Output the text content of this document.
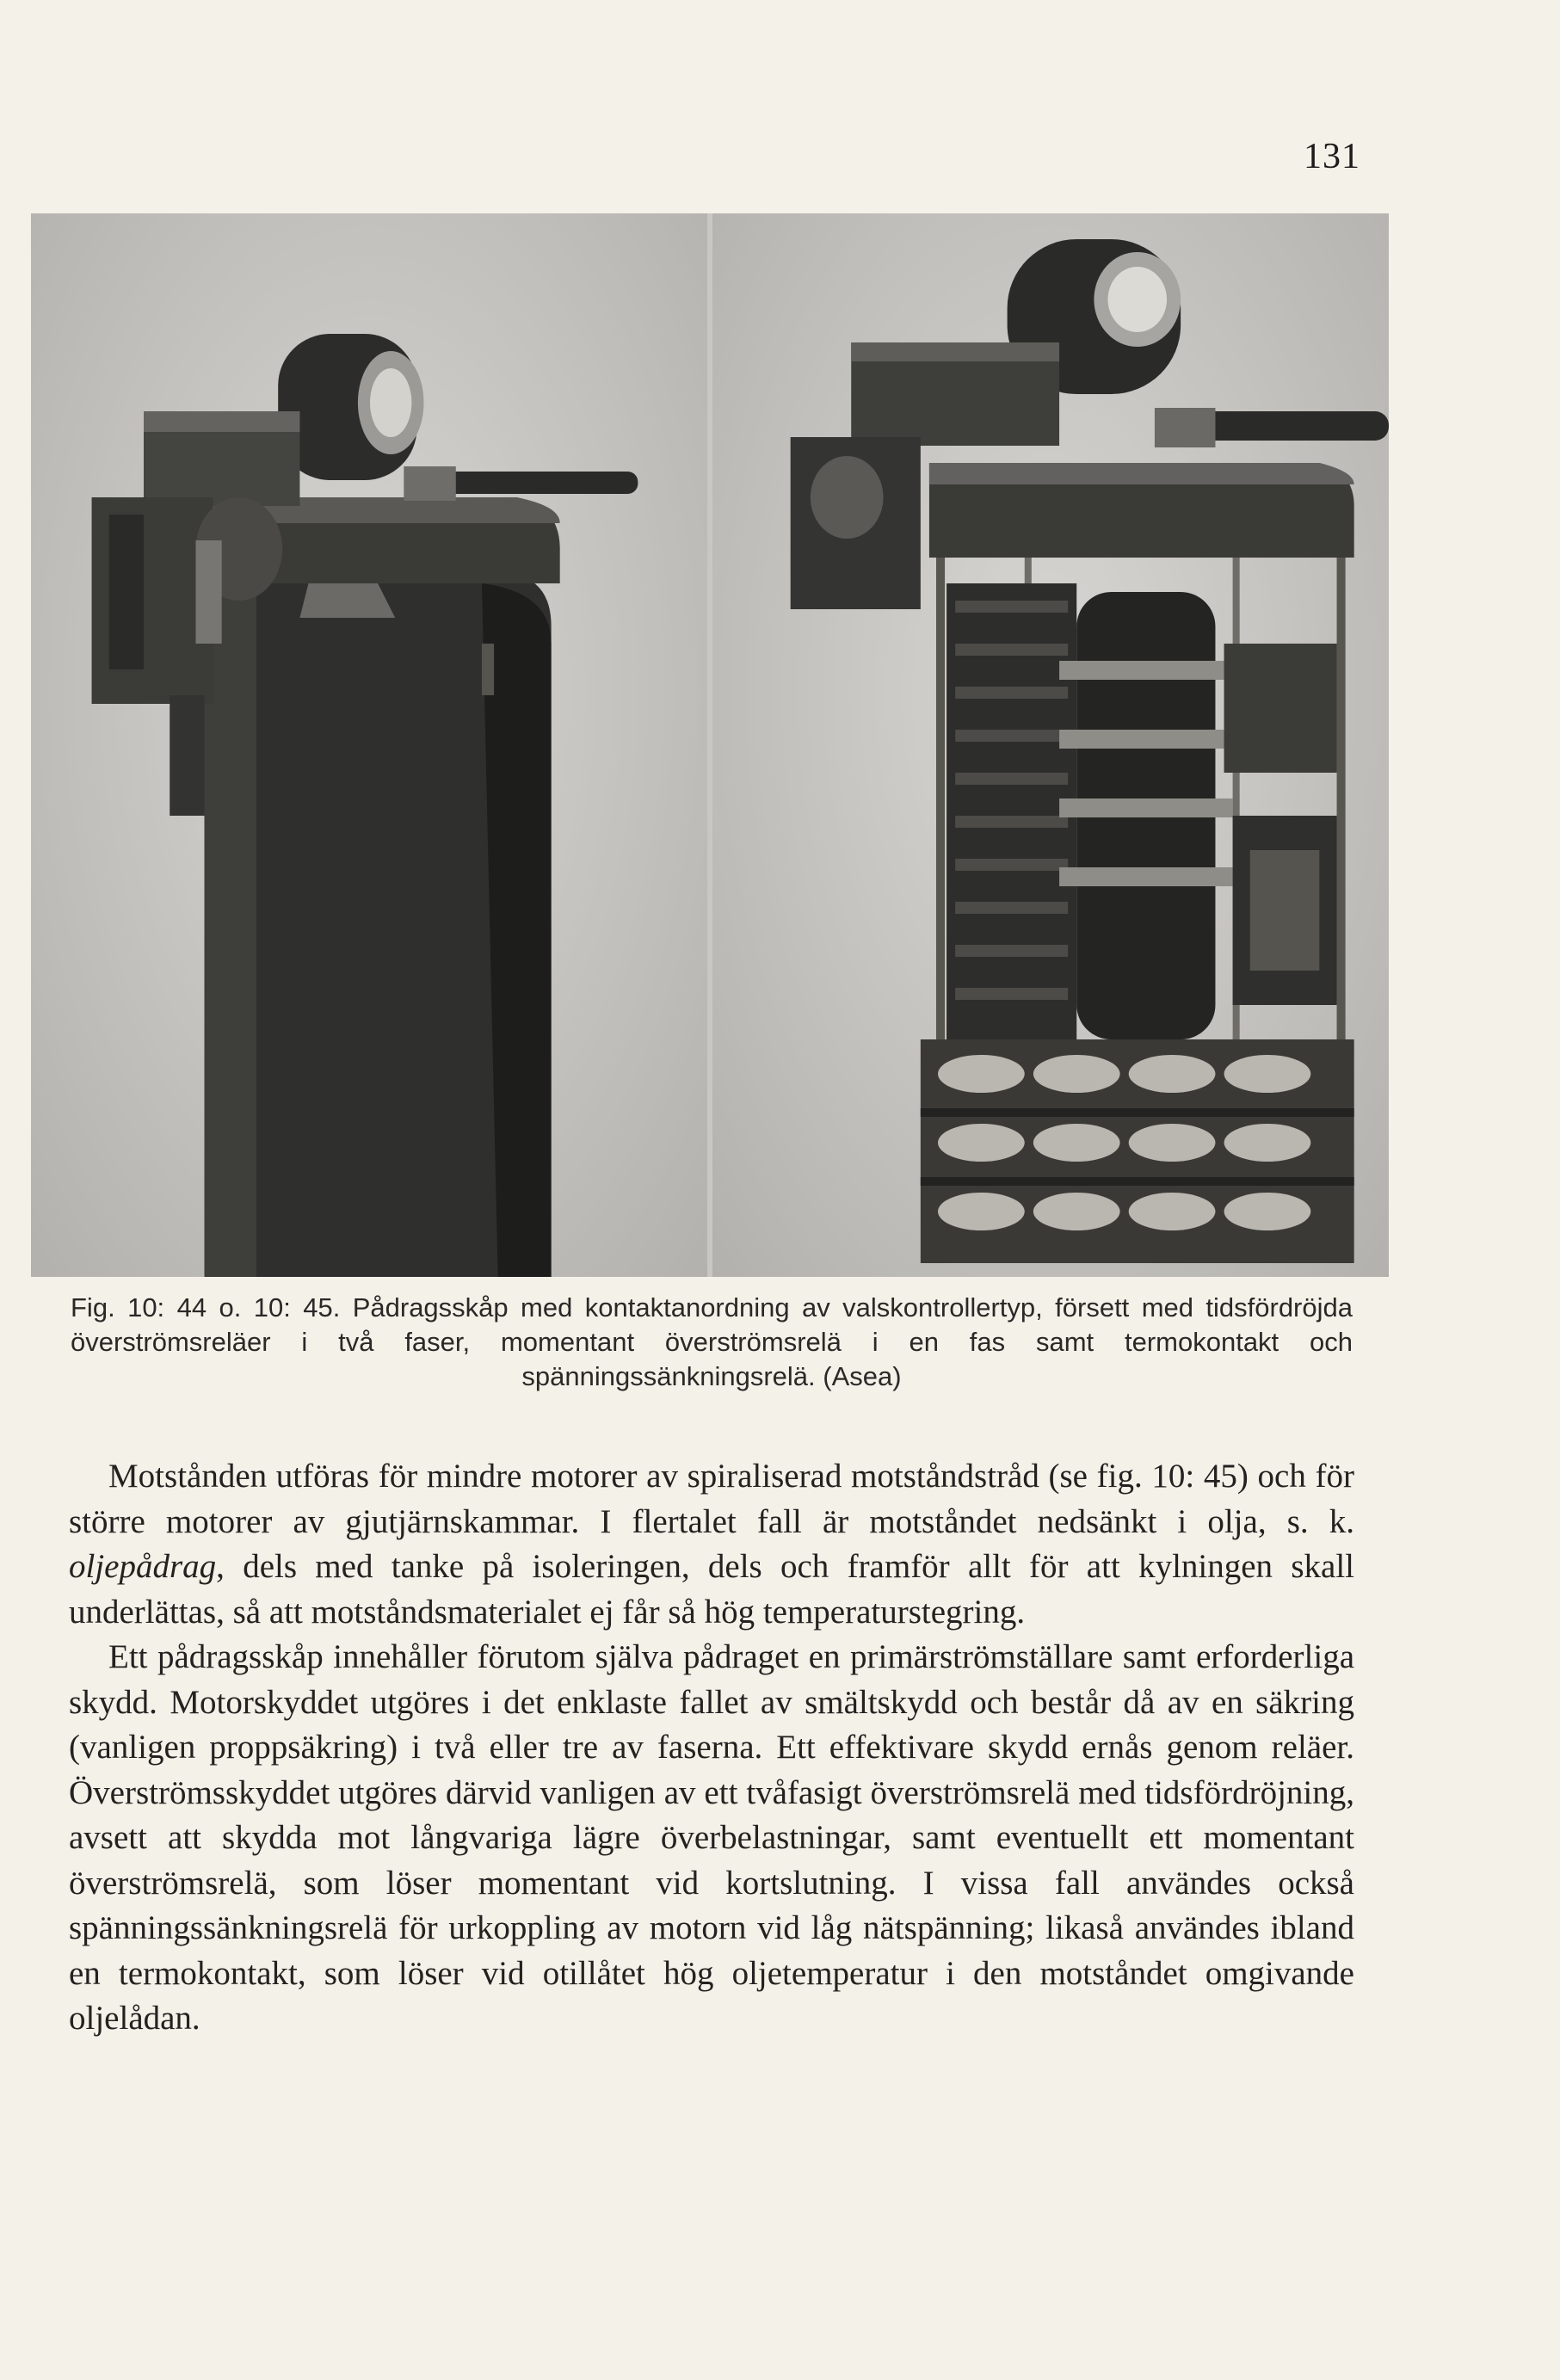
131
Fig. 10: 44 o. 10: 45. Pådragsskåp med kontaktanordning av valskontrollertyp, försett med tidsfördröjda överströmsreläer i två faser, momentant överströmsrelä i en fas samt termokontakt och spänningssänkningsrelä. (Asea)

Motstånden utföras för mindre motorer av spiraliserad motståndstråd (se fig. 10: 45) och för större motorer av gjutjärnskammar. I flertalet fall är motståndet nedsänkt i olja, s. k. oljepådrag, dels med tanke på isoleringen, dels och framför allt för att kylningen skall underlättas, så att motståndsmaterialet ej får så hög temperaturstegring.

Ett pådragsskåp innehåller förutom själva pådraget en primärströmställare samt erforderliga skydd. Motorskyddet utgöres i det enklaste fallet av smältskydd och består då av en säkring (vanligen proppsäkring) i två eller tre av faserna. Ett effektivare skydd ernås genom reläer. Överströmsskyddet utgöres därvid vanligen av ett tvåfasigt överströmsrelä med tidsfördröjning, avsett att skydda mot långvariga lägre överbelastningar, samt eventuellt ett momentant överströmsrelä, som löser momentant vid kortslutning. I vissa fall användes också spänningssänkningsrelä för urkoppling av motorn vid låg nätspänning; likaså användes ibland en termokontakt, som löser vid otillåtet hög oljetemperatur i den motståndet omgivande oljelådan.
